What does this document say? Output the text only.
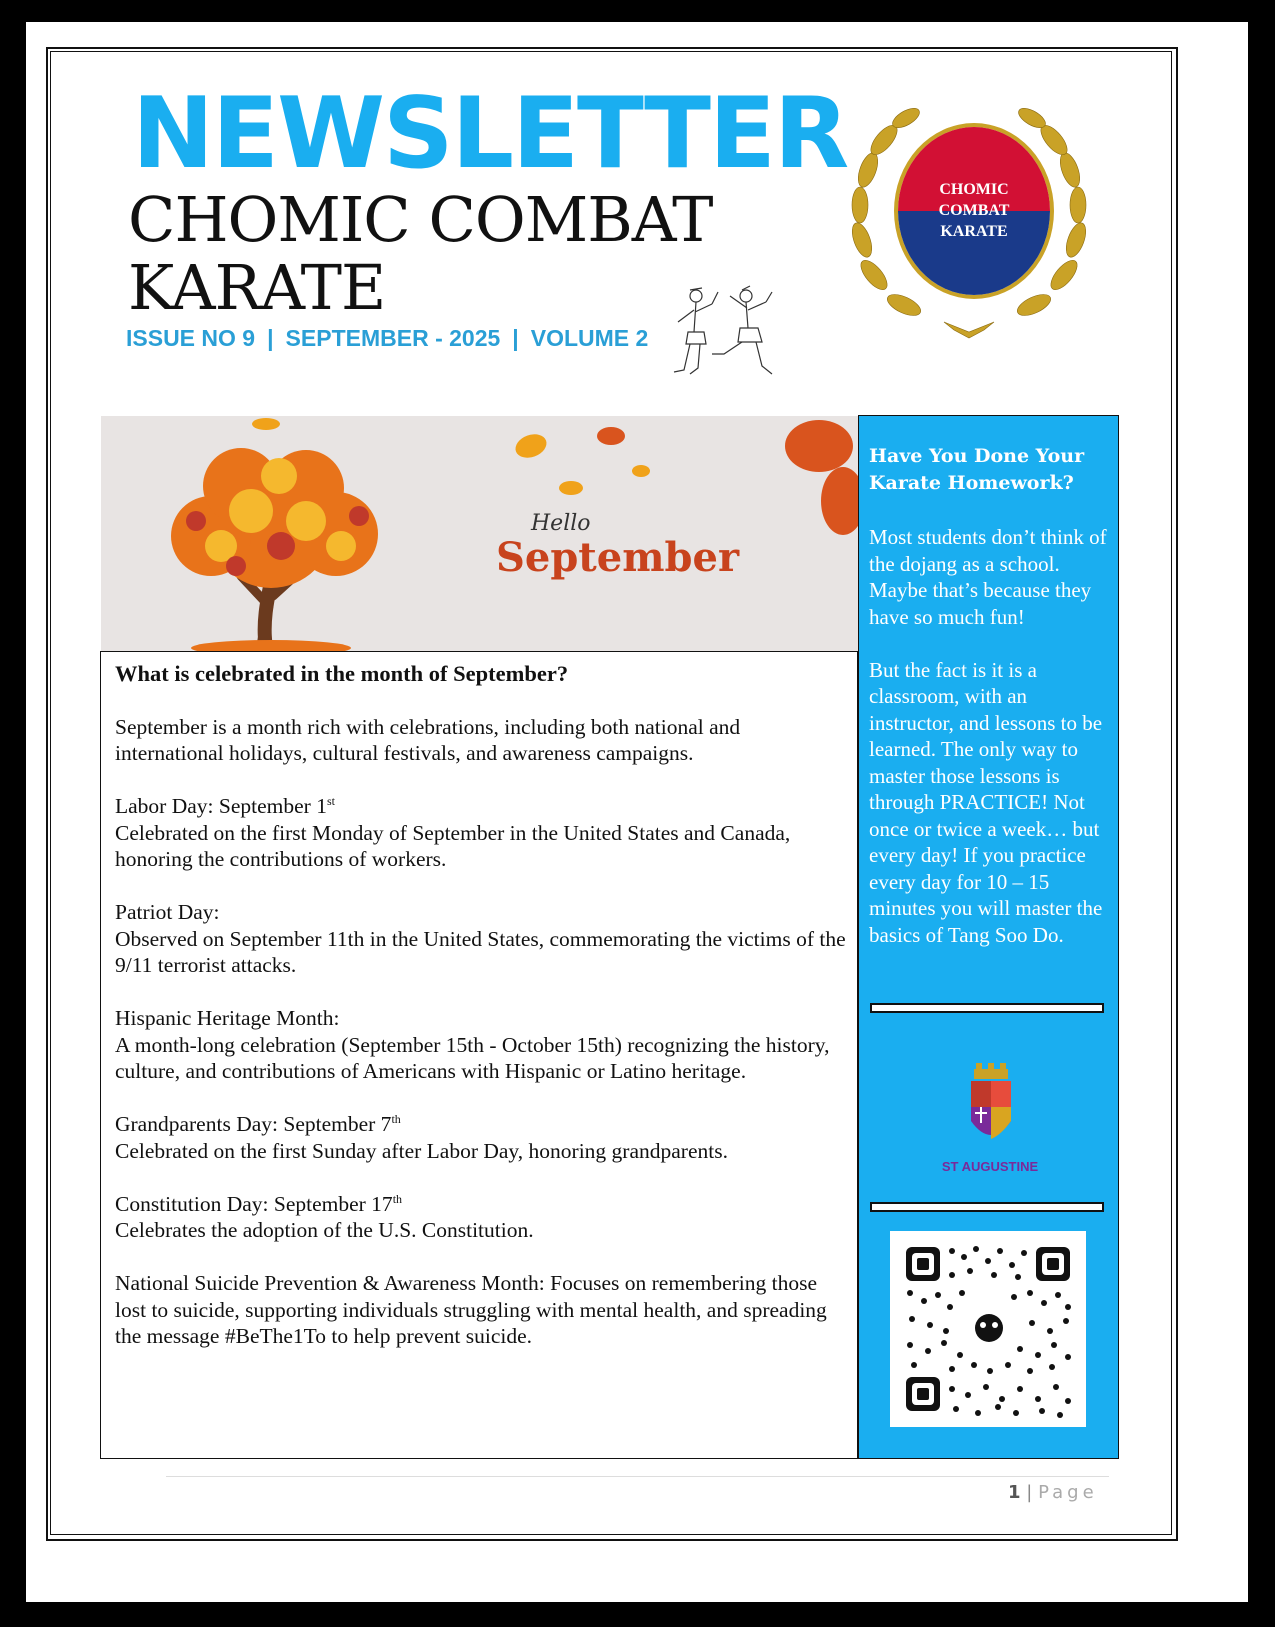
NEWSLETTER
CHOMIC COMBAT
KARATE
ISSUE NO 9 | SEPTEMBER - 2025 | VOLUME 2
CHOMIC
COMBAT
KARATE
Hello
September
What is celebrated in the month of September?

September is a month rich with celebrations, including both national and international holidays, cultural festivals, and awareness campaigns.

Labor Day: September 1st
Celebrated on the first Monday of September in the United States and Canada, honoring the contributions of workers.

Patriot Day:
Observed on September 11th in the United States, commemorating the victims of the 9/11 terrorist attacks.

Hispanic Heritage Month:
A month-long celebration (September 15th - October 15th) recognizing the history, culture, and contributions of Americans with Hispanic or Latino heritage.

Grandparents Day: September 7th
Celebrated on the first Sunday after Labor Day, honoring grandparents.

Constitution Day: September 17th
Celebrates the adoption of the U.S. Constitution.

National Suicide Prevention & Awareness Month: Focuses on remembering those lost to suicide, supporting individuals struggling with mental health, and spreading the message #BeThe1To to help prevent suicide.

Have You Done Your Karate Homework?

Most students don’t think of the dojang as a school. Maybe that’s because they have so much fun!

But the fact is it is a classroom, with an instructor, and lessons to be learned. The only way to master those lessons is through PRACTICE! Not once or twice a week… but every day! If you practice every day for 10 – 15 minutes you will master the basics of Tang Soo Do.

ST AUGUSTINE
1 | Page
